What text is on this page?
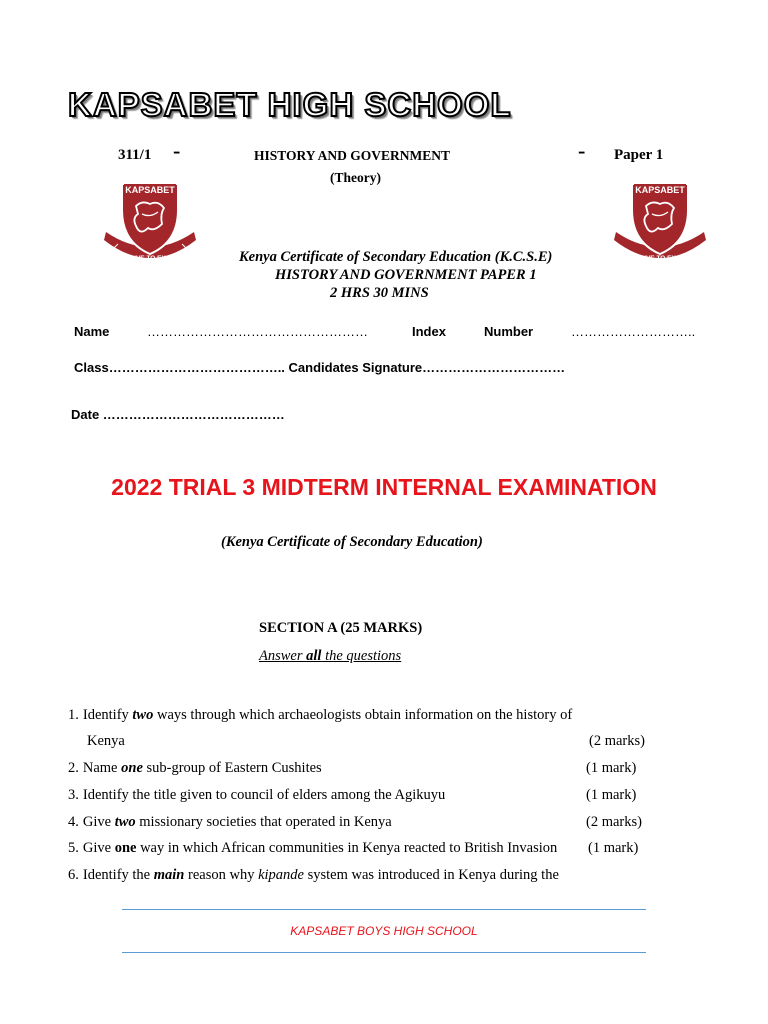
KAPSABET HIGH SCHOOL
311/1 -	HISTORY AND GOVERNMENT
(Theory)
- Paper 1
KAPSABET
STRIVE TO EXCEL
KAPSABET
STRIVE TO EXCEL
Kenya Certificate of Secondary Education (K.C.S.E)
HISTORY AND GOVERNMENT PAPER 1
2 HRS 30 MINS
Name	……………………………………………	Index	Number	………………………..
Class………………………………….. Candidates Signature……………………………
Date ……………………………………
2022 TRIAL 3 MIDTERM INTERNAL EXAMINATION
(Kenya Certificate of Secondary Education)
SECTION A (25 MARKS)
Answer all the questions
1. Identify two ways through which archaeologists obtain information on the history of
Kenya	(2 marks)
2. Name one sub-group of Eastern Cushites	(1 mark)
3. Identify the title given to council of elders among the Agikuyu	(1 mark)
4. Give two missionary societies that operated in Kenya	(2 marks)
5. Give one way in which African communities in Kenya reacted to British Invasion (1 mark)
6. Identify the main reason why kipande system was introduced in Kenya during the
KAPSABET BOYS HIGH SCHOOL
